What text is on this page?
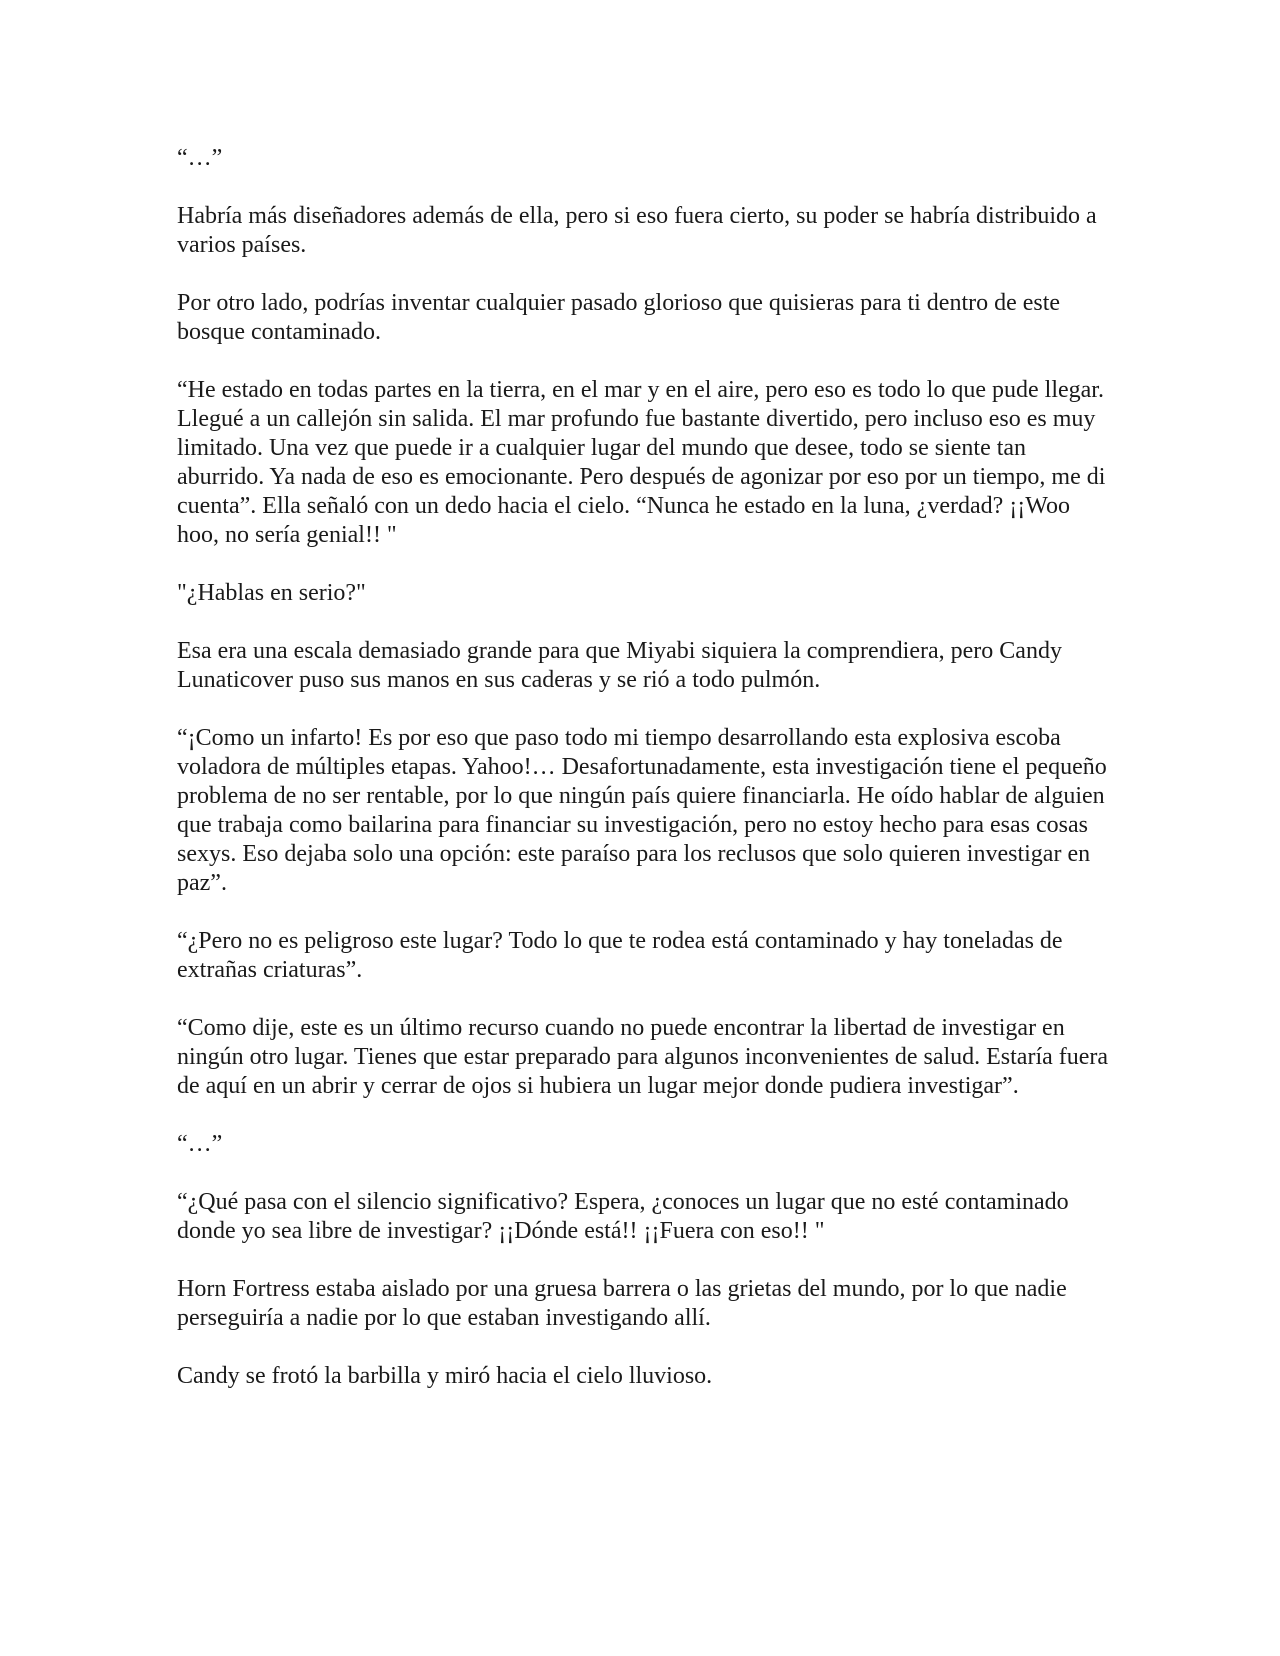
“…”

Habría más diseñadores además de ella, pero si eso fuera cierto, su poder se habría distribuido a varios países.

Por otro lado, podrías inventar cualquier pasado glorioso que quisieras para ti dentro de este bosque contaminado.

“He estado en todas partes en la tierra, en el mar y en el aire, pero eso es todo lo que pude llegar. Llegué a un callejón sin salida. El mar profundo fue bastante divertido, pero incluso eso es muy limitado. Una vez que puede ir a cualquier lugar del mundo que desee, todo se siente tan aburrido. Ya nada de eso es emocionante. Pero después de agonizar por eso por un tiempo, me di cuenta”. Ella señaló con un dedo hacia el cielo. “Nunca he estado en la luna, ¿verdad? ¡¡Woo hoo, no sería genial!! "

"¿Hablas en serio?"

Esa era una escala demasiado grande para que Miyabi siquiera la comprendiera, pero Candy Lunaticover puso sus manos en sus caderas y se rió a todo pulmón.

“¡Como un infarto! Es por eso que paso todo mi tiempo desarrollando esta explosiva escoba voladora de múltiples etapas. Yahoo!… Desafortunadamente, esta investigación tiene el pequeño problema de no ser rentable, por lo que ningún país quiere financiarla. He oído hablar de alguien que trabaja como bailarina para financiar su investigación, pero no estoy hecho para esas cosas sexys. Eso dejaba solo una opción: este paraíso para los reclusos que solo quieren investigar en paz”.

“¿Pero no es peligroso este lugar? Todo lo que te rodea está contaminado y hay toneladas de extrañas criaturas”.

“Como dije, este es un último recurso cuando no puede encontrar la libertad de investigar en ningún otro lugar. Tienes que estar preparado para algunos inconvenientes de salud. Estaría fuera de aquí en un abrir y cerrar de ojos si hubiera un lugar mejor donde pudiera investigar”.

“…”

“¿Qué pasa con el silencio significativo? Espera, ¿conoces un lugar que no esté contaminado donde yo sea libre de investigar? ¡¡Dónde está!! ¡¡Fuera con eso!! "

Horn Fortress estaba aislado por una gruesa barrera o las grietas del mundo, por lo que nadie perseguiría a nadie por lo que estaban investigando allí.

Candy se frotó la barbilla y miró hacia el cielo lluvioso.
